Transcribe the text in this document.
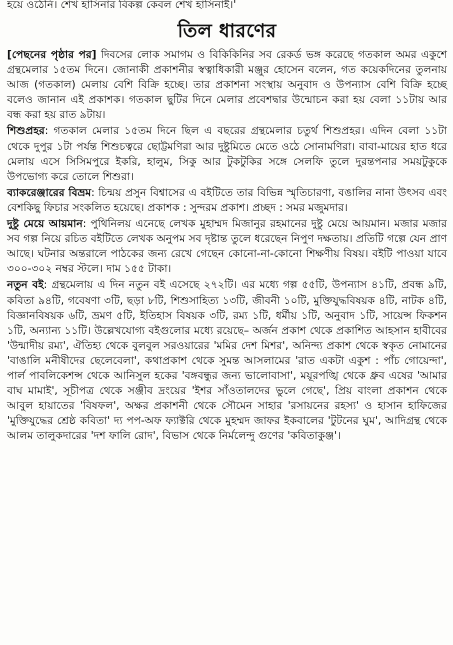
হয়ে ওঠেনি। শেখ হাসিনার বিকল্প কেবল শেখ হাসিনাই।'
তিল ধারণের

[পেছনের পৃষ্ঠার পর] দিবসের লোক সমাগম ও বিকিকিনির সব রেকর্ড ভঙ্গ করেছে গতকাল অমর একুশে গ্রন্থমেলার ১৫তম দিনে। জোনাকী প্রকাশনীর স্বত্বাধিকারী মঞ্জুর হোসেন বলেন, গত কয়েকদিনের তুলনায় আজ (গতকাল) মেলায় বেশি বিক্রি হচ্ছে। তার প্রকাশনা সংস্থায় অনুবাদ ও উপন্যাস বেশি বিক্রি হচ্ছে বলেও জানান এই প্রকাশক। গতকাল ছুটির দিনে মেলার প্রবেশদ্বার উন্মোচন করা হয় বেলা ১১টায় আর বন্ধ করা হয় রাত ৯টায়।

শিশুপ্রহর: গতকাল মেলার ১৫তম দিনে ছিল এ বছরের গ্রন্থমেলার চতুর্থ শিশুপ্রহর। এদিন বেলা ১১টা থেকে দুপুর ১টা পর্যন্ত শিশুচত্বরে ছোট্টমণিরা আর দুষ্টুমিতে মেতে ওঠে সোনামণিরা। বাবা-মায়ের হাত ধরে মেলায় এসে সিসিমপুরে ইকরি, হালুম, সিকু আর টুকটুকির সঙ্গে সেলফি তুলে দুরন্তপনার সময়টুকুকে উপভোগ্য করে তোলে শিশুরা।

ব্যাকরেঞ্জারের বিভ্রম: চিন্ময় প্রসুন বিশ্বাসের এ বইটিতে তার বিভিন্ন স্মৃতিচারণা, বঙালির নানা উৎসব এবং বেশকিছু ফিচার সংকলিত হয়েছে। প্রকাশক : সুন্দরম প্রকাশ। প্রচ্ছদ : সমর মজুমদার।

দুষ্টু মেয়ে আয়মান: পুথিনিলয় এনেছে লেখক মুহাম্মদ মিজানুর রহমানের দুষ্টু মেয়ে আয়মান। মজার মজার সব গল্প নিয়ে রচিত বইটিতে লেখক অনুপম সব দৃষ্টান্ত তুলে ধরেছেন নিপুণ দক্ষতায়। প্রতিটি গল্পে যেন প্রাণ আছে। ঘটনার অন্তরালে পাঠকের জন্য রেখে গেছেন কোনো-না-কোনো শিক্ষণীয় বিষয়। বইটি পাওয়া যাবে ৩০০-৩০২ নম্বর স্টলে। দাম ১৫৫ টাকা।

নতুন বই: গ্রন্থমেলায় এ দিন নতুন বই এসেছে ২৭২টি। এর মধ্যে গল্প ৫৫টি, উপন্যাস ৪১টি, প্রবন্ধ ৯টি, কবিতা ৯৪টি, গবেষণা ৩টি, ছড়া ৮টি, শিশুসাহিত্য ১৩টি, জীবনী ১০টি, মুক্তিযুদ্ধবিষয়ক ৪টি, নাটক ৪টি, বিজ্ঞানবিষয়ক ৬টি, ভ্রমণ ৫টি, ইতিহাস বিষয়ক ৩টি, রম্য ১টি, ধর্মীয় ১টি, অনুবাদ ১টি, সায়েন্স ফিকশন ১টি, অন্যান্য ১১টি। উল্লেখযোগ্য বইগুলোর মধ্যে রয়েছে– অর্জন প্রকাশ থেকে প্রকাশিত আহসান হাবীবের 'উন্মাদীয় রম্য', ঐতিহ্য থেকে বুলবুল সরওয়ারের 'মমির দেশ মিশর', অনিন্দ্য প্রকাশ থেকে স্বকৃত নোমানের 'বাঙালি মনীষীদের ছেলেবেলা', কথাপ্রকাশ থেকে সুমন্ত আসলামের 'রাত একটা একুশ : পাঁচ গোয়েন্দা', পার্ল পাবলিকেশন্স থেকে আনিসুল হকের 'বঙ্গবন্ধুর জন্য ভালোবাসা', ময়ূরপঙ্খি থেকে ধ্রুব এষের 'আমার বাঘ মামাই', সূচীপত্র থেকে সঞ্জীব দ্রংয়ের 'ইশর সাঁওতালদের ভুলে গেছে', প্রিয় বাংলা প্রকাশন থেকে আবুল হায়াতের 'বিষফল', অক্ষর প্রকাশনী থেকে সৌমেন সাহার 'রসায়নের রহস্য' ও হাসান হাফিজের 'মুক্তিযুদ্ধের শ্রেষ্ঠ কবিতা' দ্য পপ-অফ ফ্যাক্টরি থেকে মুহম্মদ জাফর ইকবালের 'টুটনের ঘুম', আদিগ্রন্থ থেকে আলম তালুকদারের 'দশ ফালি রোদ', বিভাস থেকে নির্মলেন্দু গুণের 'কবিতাকুঞ্জ'।
